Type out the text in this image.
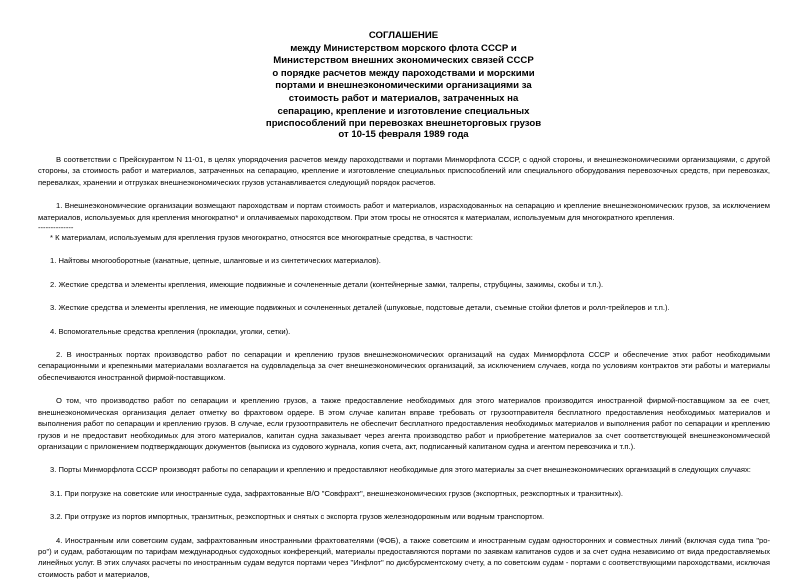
СОГЛАШЕНИЕ
между Министерством морского флота СССР и
Министерством внешних экономических связей СССР
о порядке расчетов между пароходствами и морскими
портами и внешнеэкономическими организациями за
стоимость работ и материалов, затраченных на
сепарацию, крепление и изготовление специальных
приспособлений при перевозках внешнеторговых грузов
от 10-15 февраля 1989 года

В соответствии с Прейскурантом N 11-01, в целях упорядочения расчетов между пароходствами и портами Минморфлота СССР, с одной стороны, и внешнеэкономическими организациями, с другой стороны, за стоимость работ и материалов, затраченных на сепарацию, крепление и изготовление специальных приспособлений или специального оборудования перевозочных средств, при перевозках, перевалках, хранении и отгрузках внешнеэкономических грузов устанавливается следующий порядок расчетов.

1. Внешнеэкономические организации возмещают пароходствам и портам стоимость работ и материалов, израсходованных на сепарацию и крепление внешнеэкономических грузов, за исключением материалов, используемых для крепления многократно* и оплачиваемых пароходством. При этом тросы не относятся к материалам, используемым для многократного крепления.

--------------

* К материалам, используемым для крепления грузов многократно, относятся все многократные средства, в частности:

1. Найтовы многооборотные (канатные, цепные, шланговые и из синтетических материалов).

2. Жесткие средства и элементы крепления, имеющие подвижные и сочлененные детали (контейнерные замки, талрепы, струбцины, зажимы, скобы и т.п.).

3. Жесткие средства и элементы крепления, не имеющие подвижных и сочлененных деталей (шпуковые, подстовые детали, съемные стойки флетов и ролл-трейлеров и т.п.).

4. Вспомогательные средства крепления (прокладки, уголки, сетки).

2. В иностранных портах производство работ по сепарации и креплению грузов внешнеэкономических организаций на судах Минморфлота СССР и обеспечение этих работ необходимыми сепарационными и крепежными материалами возлагается на судовладельца за счет внешнеэкономических организаций, за исключением случаев, когда по условиям контрактов эти работы и материалы обеспечиваются иностранной фирмой-поставщиком.

О том, что производство работ по сепарации и креплению грузов, а также предоставление необходимых для этого материалов производится иностранной фирмой-поставщиком за ее счет, внешнеэкономическая организация делает отметку во фрахтовом ордере. В этом случае капитан вправе требовать от грузоотправителя бесплатного предоставления необходимых материалов и выполнения работ по сепарации и креплению грузов. В случае, если грузоотправитель не обеспечит бесплатного предоставления необходимых материалов и выполнения работ по сепарации и креплению грузов и не предоставит необходимых для этого материалов, капитан судна заказывает через агента производство работ и приобретение материалов за счет соответствующей внешнеэкономической организации с приложением подтверждающих документов (выписка из судового журнала, копия счета, акт, подписанный капитаном судна и агентом перевозчика и т.п.).

3. Порты Минморфлота СССР производят работы по сепарации и креплению и предоставляют необходимые для этого материалы за счет внешнеэкономических организаций в следующих случаях:

3.1. При погрузке на советские или иностранные суда, зафрахтованные В/О "Совфрахт", внешнеэкономических грузов (экспортных, реэкспортных и транзитных).

3.2. При отгрузке из портов импортных, транзитных, реэкспортных и снятых с экспорта грузов железнодорожным или водным транспортом.

4. Иностранным или советским судам, зафрахтованным иностранными фрахтователями (ФОБ), а также советским и иностранным судам односторонних и совместных линий (включая суда типа "ро-ро") и судам, работающим по тарифам международных судоходных конференций, материалы предоставляются портами по заявкам капитанов судов и за счет судна независимо от вида предоставляемых линейных услуг. В этих случаях расчеты по иностранным судам ведутся портами через "Инфлот" по дисбурсментскому счету, а по советским судам - портами с соответствующими пароходствами, исключая стоимость работ и материалов,
